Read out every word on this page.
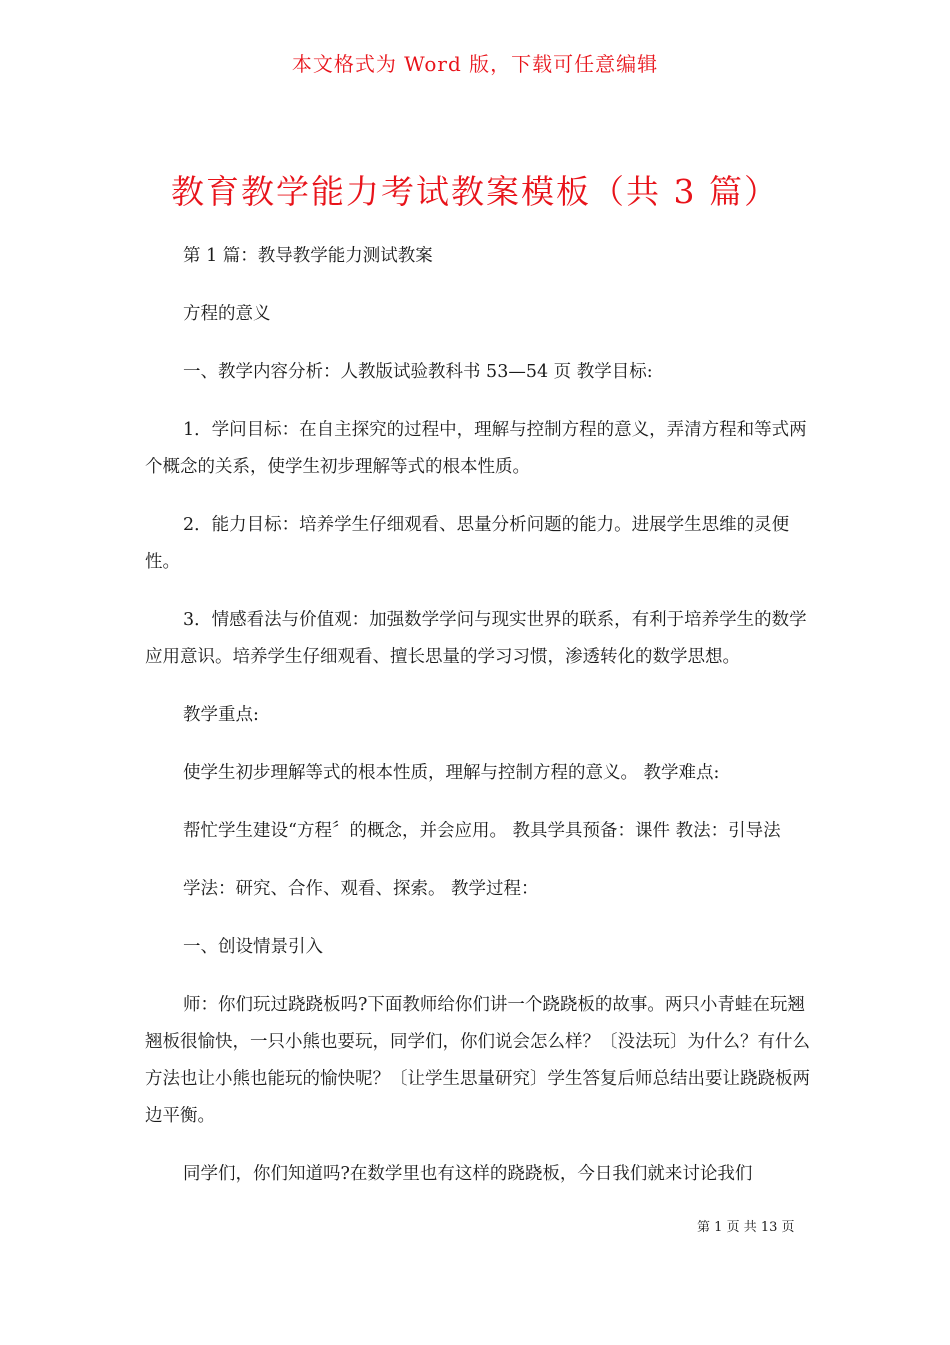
本文格式为 Word 版，下载可任意编辑
教育教学能力考试教案模板（共 3 篇）

第 1 篇：教导教学能力测试教案

方程的意义

一、教学内容分析：人教版试验教科书 53—54 页 教学目标:

1．学问目标：在自主探究的过程中，理解与控制方程的意义，弄清方程和等式两个概念的关系，使学生初步理解等式的根本性质。

2．能力目标：培养学生仔细观看、思量分析问题的能力。进展学生思维的灵便性。

3．情感看法与价值观：加强数学学问与现实世界的联系，有利于培养学生的数学应用意识。培养学生仔细观看、擅长思量的学习习惯，渗透转化的数学思想。

教学重点:

使学生初步理解等式的根本性质，理解与控制方程的意义。 教学难点:

帮忙学生建设“方程〞的概念，并会应用。 教具学具预备：课件 教法：引导法

学法：研究、合作、观看、探索。 教学过程：

一、创设情景引入

师：你们玩过跷跷板吗?下面教师给你们讲一个跷跷板的故事。两只小青蛙在玩翘翘板很愉快，一只小熊也要玩，同学们，你们说会怎么样？〔没法玩〕为什么？有什么方法也让小熊也能玩的愉快呢？〔让学生思量研究〕学生答复后师总结出要让跷跷板两边平衡。

同学们，你们知道吗?在数学里也有这样的跷跷板，今日我们就来讨论我们

第 1 页 共 13 页
